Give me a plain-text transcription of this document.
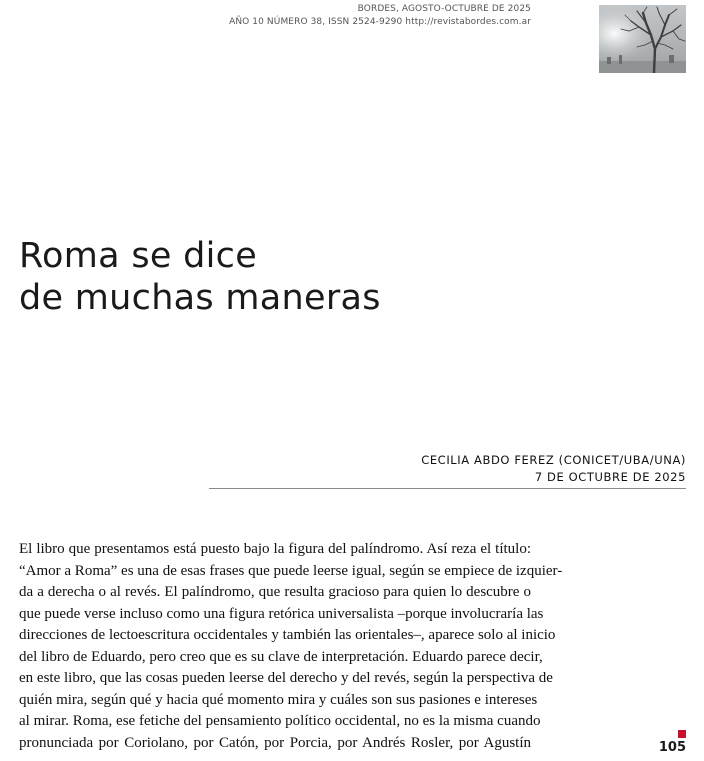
BORDES, AGOSTO-OCTUBRE DE 2025
AÑO 10 NÚMERO 38, ISSN 2524-9290 http://revistabordes.com.ar
Roma se dice
de muchas maneras
CECILIA ABDO FEREZ (CONICET/UBA/UNA)
7 DE OCTUBRE DE 2025
El libro que presentamos está puesto bajo la figura del palíndromo. Así reza el título:
“Amor a Roma” es una de esas frases que puede leerse igual, según se empiece de izquier-
da a derecha o al revés. El palíndromo, que resulta gracioso para quien lo descubre o
que puede verse incluso como una figura retórica universalista –porque involucraría las
direcciones de lectoescritura occidentales y también las orientales–, aparece solo al inicio
del libro de Eduardo, pero creo que es su clave de interpretación. Eduardo parece decir,
en este libro, que las cosas pueden leerse del derecho y del revés, según la perspectiva de
quién mira, según qué y hacia qué momento mira y cuáles son sus pasiones e intereses
al mirar. Roma, ese fetiche del pensamiento político occidental, no es la misma cuando
pronunciada por Coriolano, por Catón, por Porcia, por Andrés Rosler, por Agustín	105
